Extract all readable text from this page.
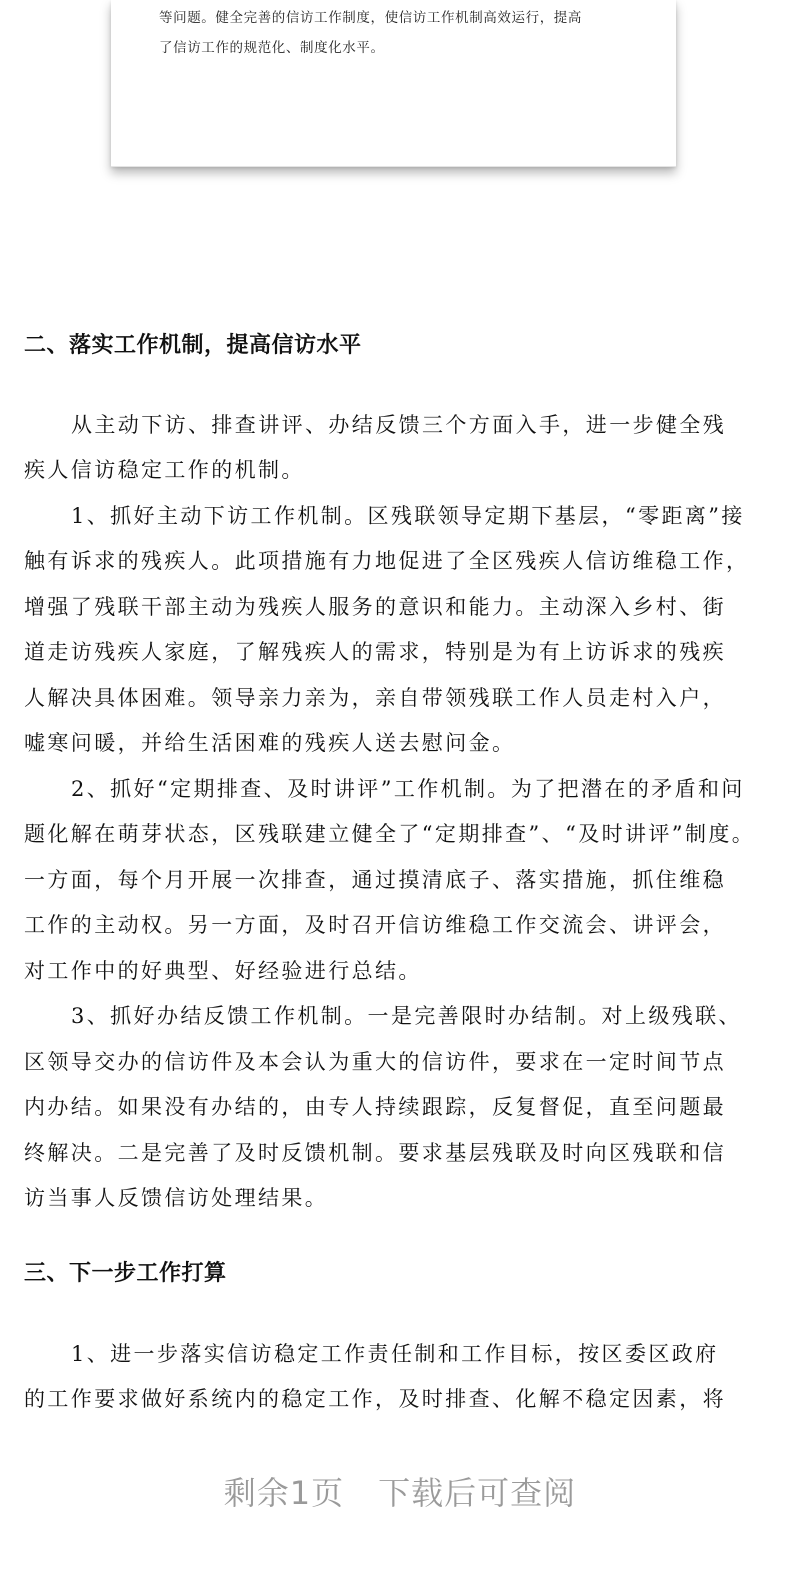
等问题。健全完善的信访工作制度，使信访工作机制高效运行，提高

了信访工作的规范化、制度化水平。

二、落实工作机制，提高信访水平

从主动下访、排查讲评、办结反馈三个方面入手，进一步健全残

疾人信访稳定工作的机制。

1、抓好主动下访工作机制。区残联领导定期下基层，“零距离”接

触有诉求的残疾人。此项措施有力地促进了全区残疾人信访维稳工作，

增强了残联干部主动为残疾人服务的意识和能力。主动深入乡村、街

道走访残疾人家庭，了解残疾人的需求，特别是为有上访诉求的残疾

人解决具体困难。领导亲力亲为，亲自带领残联工作人员走村入户，

嘘寒问暖，并给生活困难的残疾人送去慰问金。

2、抓好“定期排查、及时讲评”工作机制。为了把潜在的矛盾和问

题化解在萌芽状态，区残联建立健全了“定期排查”、“及时讲评”制度。

一方面，每个月开展一次排查，通过摸清底子、落实措施，抓住维稳

工作的主动权。另一方面，及时召开信访维稳工作交流会、讲评会，

对工作中的好典型、好经验进行总结。

3、抓好办结反馈工作机制。一是完善限时办结制。对上级残联、

区领导交办的信访件及本会认为重大的信访件，要求在一定时间节点

内办结。如果没有办结的，由专人持续跟踪，反复督促，直至问题最

终解决。二是完善了及时反馈机制。要求基层残联及时向区残联和信

访当事人反馈信访处理结果。

三、下一步工作打算

1、进一步落实信访稳定工作责任制和工作目标，按区委区政府

的工作要求做好系统内的稳定工作，及时排查、化解不稳定因素，将

剩余1页 下载后可查阅
